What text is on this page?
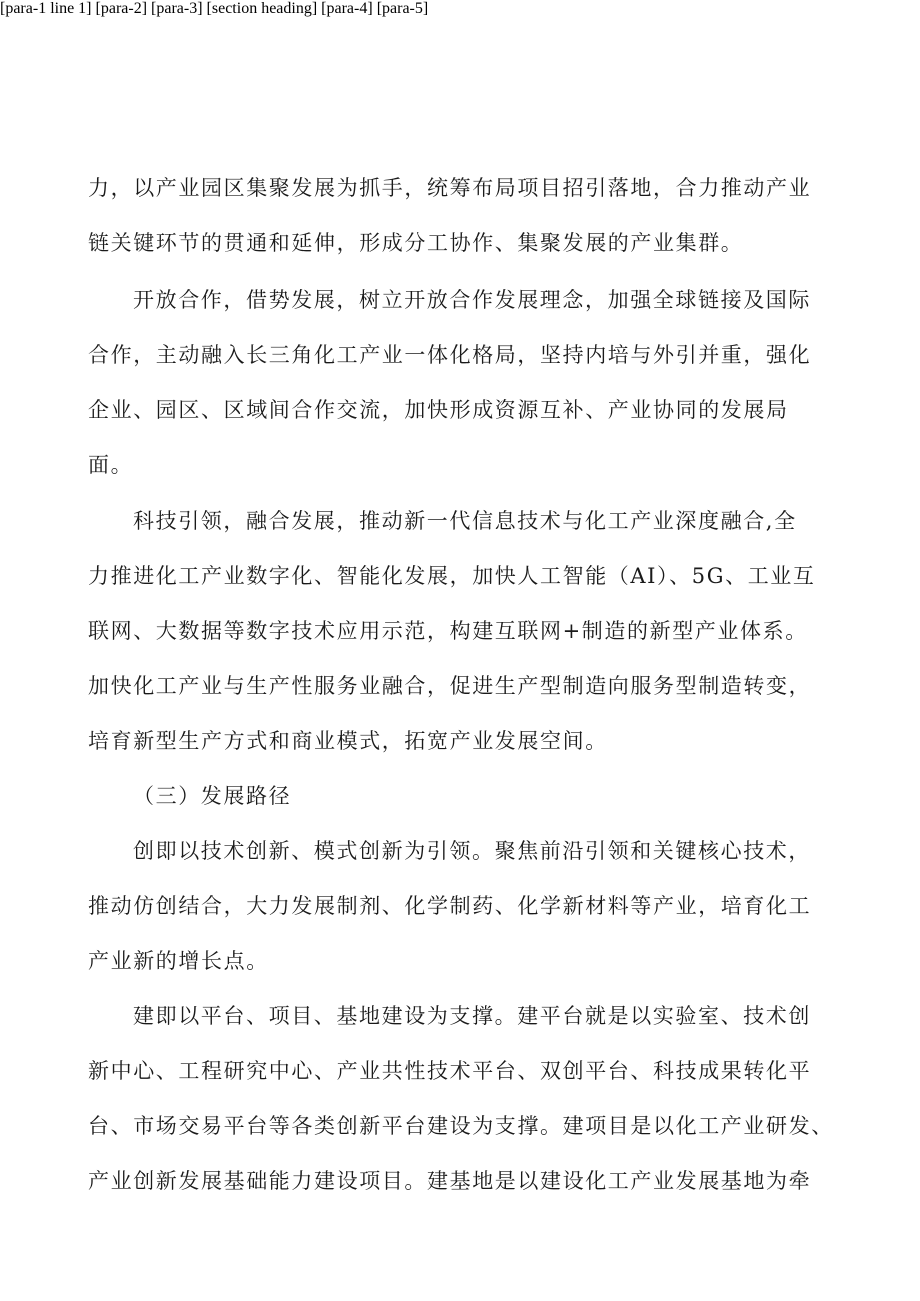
[para-1 line 1]
力，以产业园区集聚发展为抓手，统筹布局项目招引落地，合力推动产业
链关键环节的贯通和延伸，形成分工协作、集聚发展的产业集群。
[para-2]
开放合作，借势发展，树立开放合作发展理念，加强全球链接及国际
合作，主动融入长三角化工产业一体化格局，坚持内培与外引并重，强化
企业、园区、区域间合作交流，加快形成资源互补、产业协同的发展局
面。
[para-3]
科技引领，融合发展，推动新一代信息技术与化工产业深度融合,全
力推进化工产业数字化、智能化发展，加快人工智能（AI）、5G、工业互
联网、大数据等数字技术应用示范，构建互联网+制造的新型产业体系。
加快化工产业与生产性服务业融合，促进生产型制造向服务型制造转变，
培育新型生产方式和商业模式，拓宽产业发展空间。
[section heading]
（三）发展路径
[para-4]
创即以技术创新、模式创新为引领。聚焦前沿引领和关键核心技术，
推动仿创结合，大力发展制剂、化学制药、化学新材料等产业，培育化工
产业新的增长点。
[para-5]
建即以平台、项目、基地建设为支撑。建平台就是以实验室、技术创
新中心、工程研究中心、产业共性技术平台、双创平台、科技成果转化平
台、市场交易平台等各类创新平台建设为支撑。建项目是以化工产业研发、
产业创新发展基础能力建设项目。建基地是以建设化工产业发展基地为牵
